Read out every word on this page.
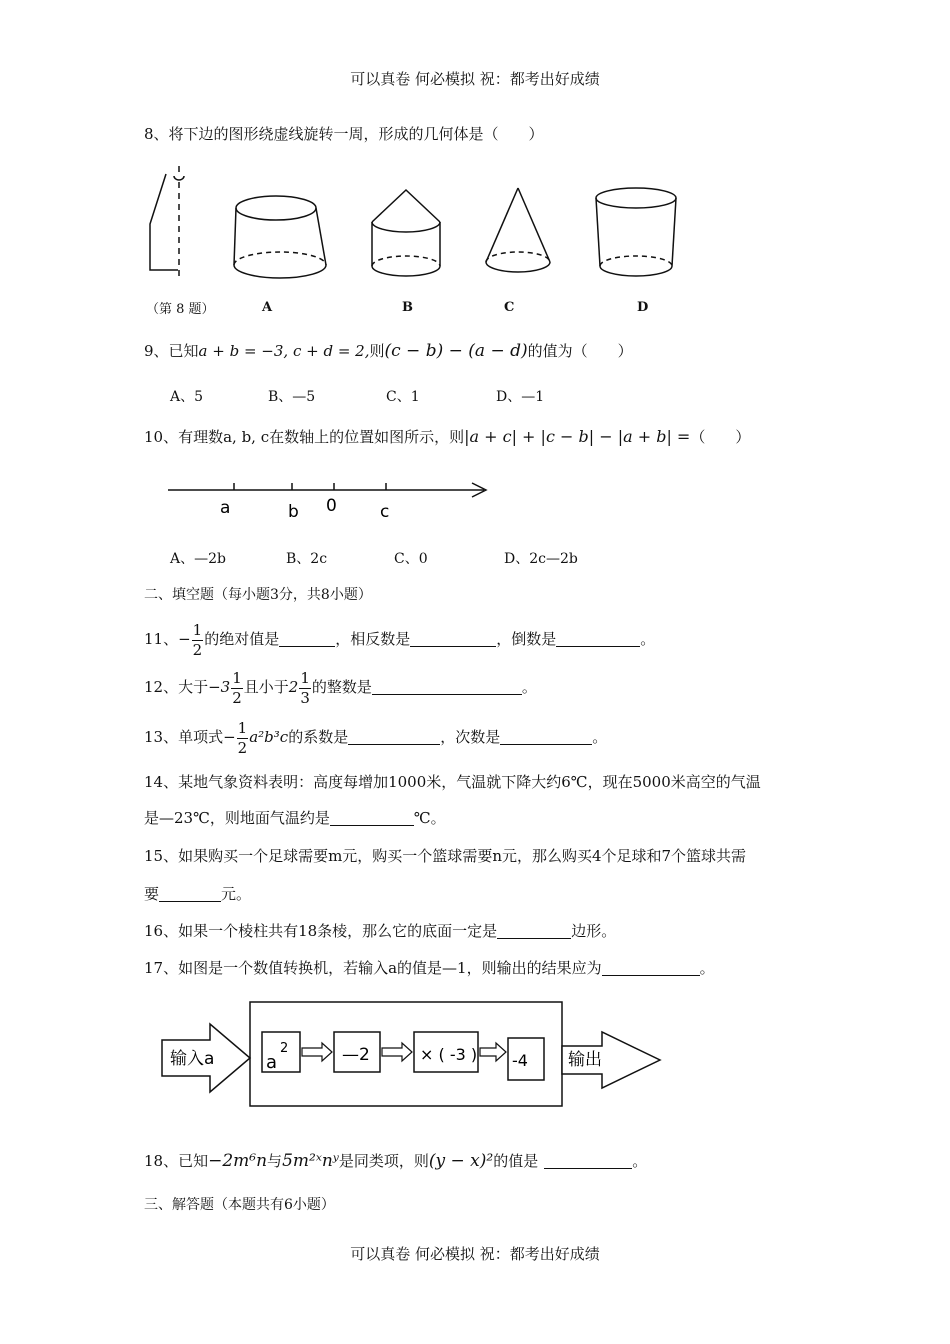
可以真卷 何必模拟 祝：都考出好成绩
8、将下边的图形绕虚线旋转一周，形成的几何体是（　　）
（第 8 题）	A	B	C	D
9、已知a + b = −3, c + d = 2,则(c − b) − (a − d)的值为（　　）
A、5	B、—5	C、1	D、—1
10、有理数a, b, c在数轴上的位置如图所示，则|a + c| + |c − b| − |a + b| =（　　）
a	b 0	c
A、—2b	B、2c	C、0	D、2c—2b
二、填空题（每小题3分，共8小题）
11、− $\frac{1}{2}$ 的绝对值是	，相反数是	，倒数是	。
12、大于$-3 \frac{1}{2}$ 且小于$2 \frac{1}{3}$ 的整数是	。
13、单项式− $\frac{1}{2} a^2b^3c$的系数是	，次数是	。
14、某地气象资料表明：高度每增加1000米，气温就下降大约6℃，现在5000米高空的气温
是—23℃，则地面气温约是	℃。
15、如果购买一个足球需要m元，购买一个篮球需要n元，那么购买4个足球和7个篮球共需
要	元。
16、如果一个棱柱共有18条棱，那么它的底面一定是	边形。
17、如图是一个数值转换机，若输入a的值是—1，则输出的结果应为	。
输入a	a
2	—2	× ( -3 ) -4 输出
18、已知−2m⁶n与5m²ˣnʸ是同类项，则(y − x)²的值是	。
三、解答题（本题共有6小题）
可以真卷 何必模拟 祝：都考出好成绩
